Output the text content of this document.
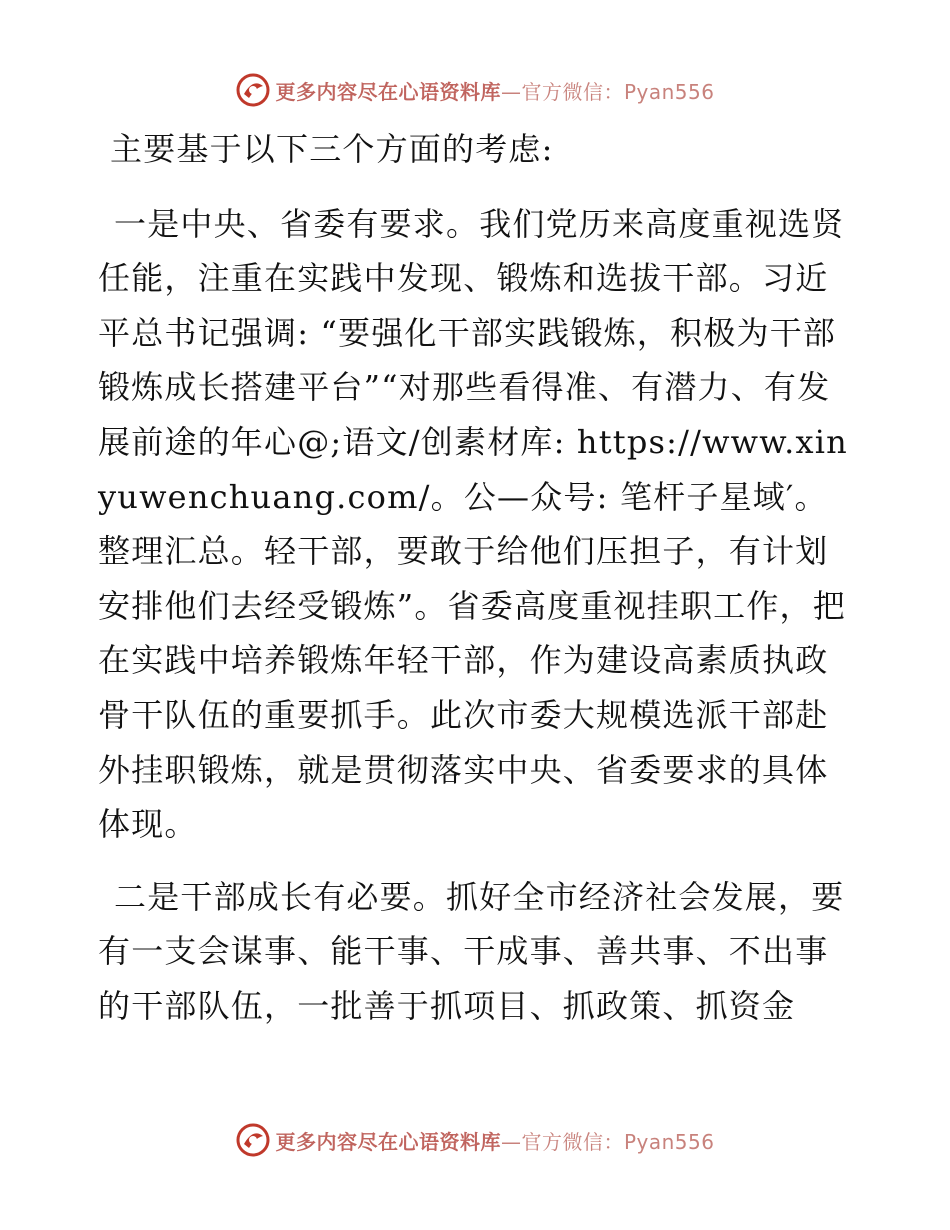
更多内容尽在心语资料库—官方微信：Pyan556

主要基于以下三个方面的考虑:

一是中央、省委有要求。我们党历来高度重视选贤任能，注重在实践中发现、锻炼和选拔干部。习近平总书记强调: “要强化干部实践锻炼，积极为干部锻炼成长搭建平台”“对那些看得准、有潜力、有发展前途的年心@;语文/创素材库: https://www.xinyuwenchuang.com/。公—众号: 笔杆子星域′。整理汇总。轻干部，要敢于给他们压担子，有计划安排他们去经受锻炼”。省委高度重视挂职工作，把在实践中培养锻炼年轻干部，作为建设高素质执政骨干队伍的重要抓手。此次市委大规模选派干部赴外挂职锻炼，就是贯彻落实中央、省委要求的具体体现。

二是干部成长有必要。抓好全市经济社会发展，要有一支会谋事、能干事、干成事、善共事、不出事的干部队伍，一批善于抓项目、抓政策、抓资金

更多内容尽在心语资料库—官方微信：Pyan556
